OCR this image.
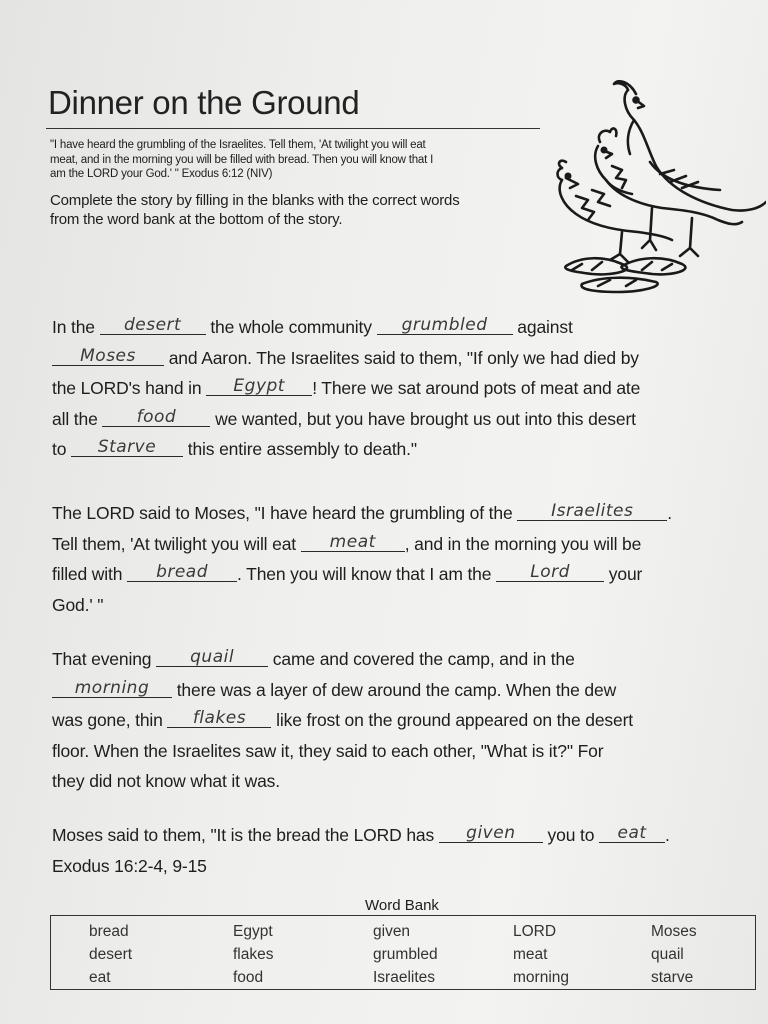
Dinner on the Ground
"I have heard the grumbling of the Israelites. Tell them, 'At twilight you will eat
meat, and in the morning you will be filled with bread. Then you will know that I
am the LORD your God.' " Exodus 6:12 (NIV)
Complete the story by filling in the blanks with the correct words
from the word bank at the bottom of the story.
In the desert the whole community grumbled against
Moses and Aaron. The Israelites said to them, "If only we had died by
the LORD's hand in Egypt ! There we sat around pots of meat and ate
all the food we wanted, but you have brought us out into this desert
to Starve this entire assembly to death."
The LORD said to Moses, "I have heard the grumbling of the Israelites .
Tell them, 'At twilight you will eat meat , and in the morning you will be
filled with bread . Then you will know that I am the Lord your
God.' "
That evening quail came and covered the camp, and in the
morning there was a layer of dew around the camp. When the dew
was gone, thin flakes like frost on the ground appeared on the desert
floor. When the Israelites saw it, they said to each other, "What is it?" For
they did not know what it was.
Moses said to them, "It is the bread the LORD has given you to eat .
Exodus 16:2-4, 9-15
Word Bank
bread
desert
eat
Egypt
flakes
food
given
grumbled
Israelites
LORD
meat
morning
Moses
quail
starve
